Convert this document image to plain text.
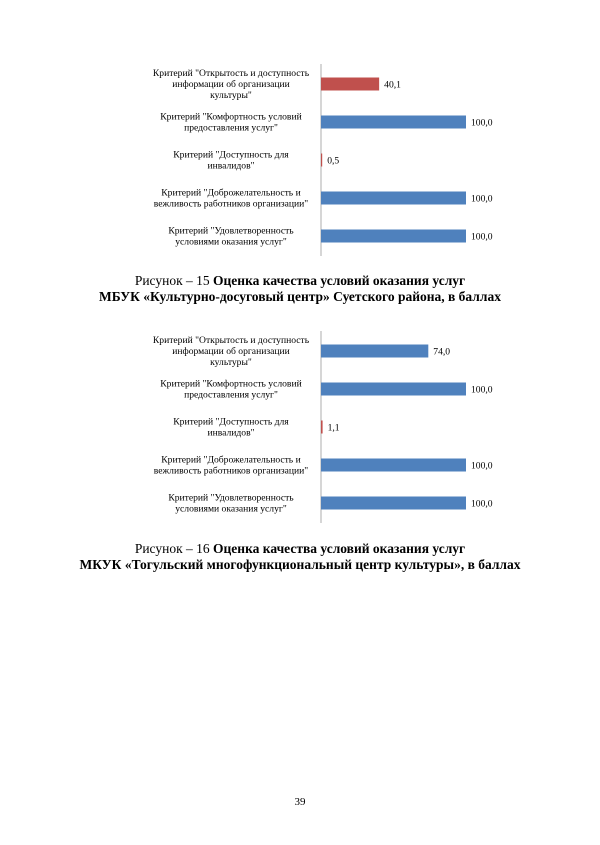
Критерий "Открытость и доступность информации об организации культуры"
40,1
Критерий "Комфортность условий предоставления услуг"	100,0
Критерий "Доступность для инвалидов"	0,5
Критерий "Доброжелательность и вежливость работников организации"	100,0
Критерий "Удовлетворенность условиями оказания услуг"	100,0
Рисунок – 15 Оценка качества условий оказания услуг
МБУК «Культурно-досуговый центр» Суетского района, в баллах
Критерий "Открытость и доступность информации об организации культуры"
74,0
Критерий "Комфортность условий предоставления услуг"	100,0
Критерий "Доступность для инвалидов"	1,1
Критерий "Доброжелательность и вежливость работников организации"	100,0
Критерий "Удовлетворенность условиями оказания услуг"	100,0
Рисунок – 16 Оценка качества условий оказания услуг
МКУК «Тогульский многофункциональный центр культуры», в баллах
39
